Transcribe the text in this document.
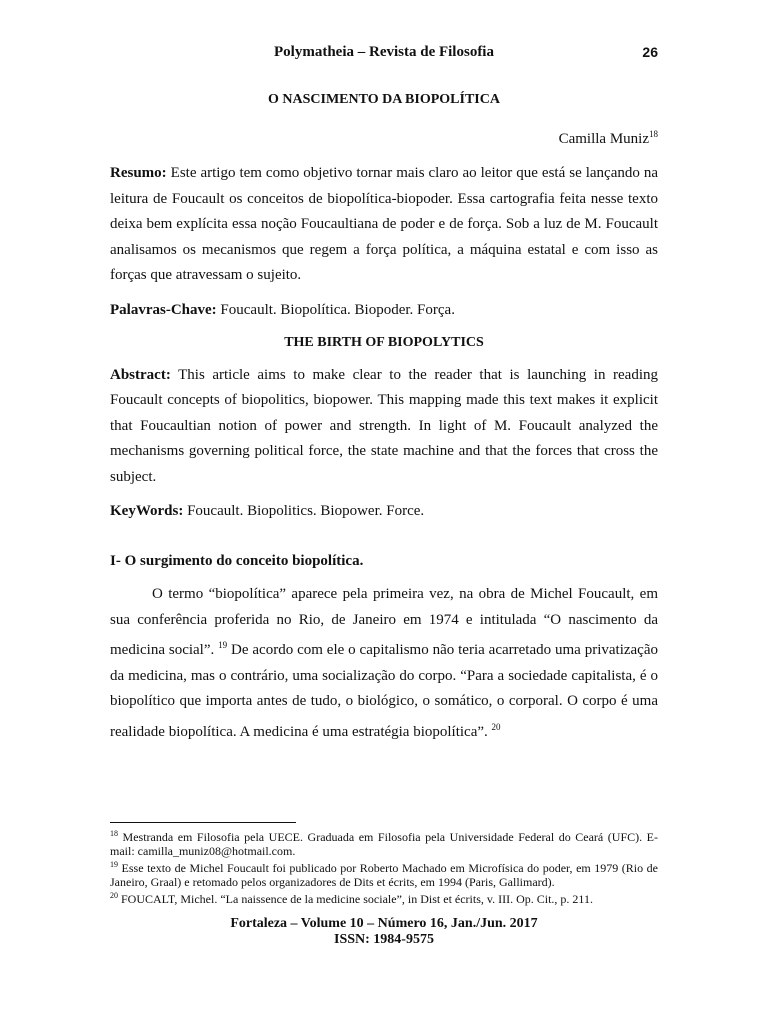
Polymatheia – Revista de Filosofia	26
O NASCIMENTO DA BIOPOLÍTICA
Camilla Muniz$^{18}$

Resumo: Este artigo tem como objetivo tornar mais claro ao leitor que está se lançando na leitura de Foucault os conceitos de biopolítica-biopoder. Essa cartografia feita nesse texto deixa bem explícita essa noção Foucaultiana de poder e de força. Sob a luz de M. Foucault analisamos os mecanismos que regem a força política, a máquina estatal e com isso as forças que atravessam o sujeito.

Palavras-Chave: Foucault. Biopolítica. Biopoder. Força.

THE BIRTH OF BIOPOLYTICS

Abstract: This article aims to make clear to the reader that is launching in reading Foucault concepts of biopolitics, biopower. This mapping made this text makes it explicit that Foucaultian notion of power and strength. In light of M. Foucault analyzed the mechanisms governing political force, the state machine and that the forces that cross the subject.

KeyWords: Foucault. Biopolitics. Biopower. Force.

I- O surgimento do conceito biopolítica.

O termo “biopolítica” aparece pela primeira vez, na obra de Michel Foucault, em sua conferência proferida no Rio, de Janeiro em 1974 e intitulada “O nascimento da medicina social”. $^{19}$ De acordo com ele o capitalismo não teria acarretado uma privatização da medicina, mas o contrário, uma socialização do corpo. “Para a sociedade capitalista, é o biopolítico que importa antes de tudo, o biológico, o somático, o corporal. O corpo é uma realidade biopolítica. A medicina é uma estratégia biopolítica”. $^{20}$

$^{18}$ Mestranda em Filosofia pela UECE. Graduada em Filosofia pela Universidade Federal do Ceará (UFC). E-mail: camilla_muniz08@hotmail.com.

$^{19}$ Esse texto de Michel Foucault foi publicado por Roberto Machado em Microfísica do poder, em 1979 (Rio de Janeiro, Graal) e retomado pelos organizadores de Dits et écrits, em 1994 (Paris, Gallimard).

$^{20}$ FOUCALT, Michel. “La naissence de la medicine sociale”, in Dist et écrits, v. III. Op. Cit., p. 211.

Fortaleza – Volume 10 – Número 16, Jan./Jun. 2017
ISSN: 1984-9575
